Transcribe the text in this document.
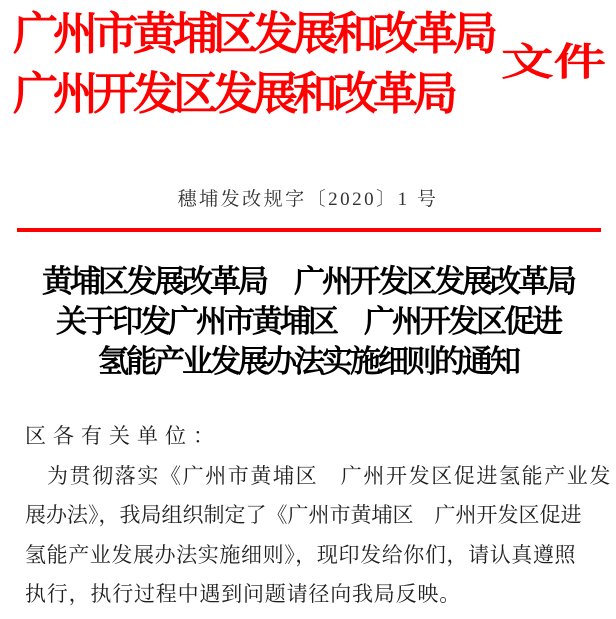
广州市黄埔区发展和改革局
广州开发区发展和改革局
文件
穗埔发改规字〔2020〕1 号
黄埔区发展改革局　广州开发区发展改革局
关于印发广州市黄埔区　广州开发区促进
氢能产业发展办法实施细则的通知
区各有关单位：
为贯彻落实《广州市黄埔区　广州开发区促进氢能产业发
展办法》，我局组织制定了《广州市黄埔区　广州开发区促进
氢能产业发展办法实施细则》，现印发给你们，请认真遵照
执行，执行过程中遇到问题请径向我局反映。
